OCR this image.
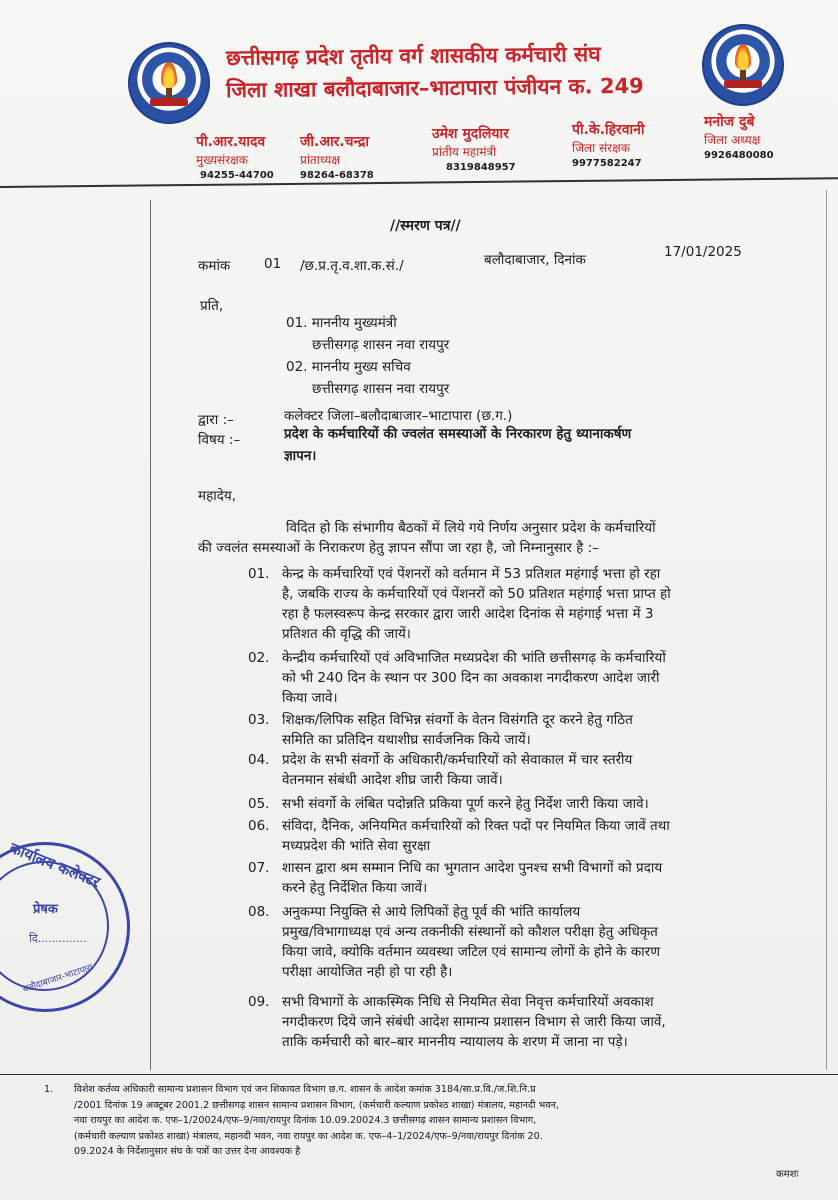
छत्तीसगढ़ प्रदेश तृतीय वर्ग शासकीय कर्मचारी संघ
जिला शाखा बलौदाबाजार–भाटापारा पंजीयन क. 249
पी.आर.यादव
मुख्यसंरक्षक
94255-44700
जी.आर.चन्द्रा
प्रांताध्यक्ष
98264-68378
उमेश मुदलियार
प्रांतीय महामंत्री
8319848957
पी.के.हिरवानी
जिला संरक्षक
9977582247
मनोज दुबे
जिला अध्यक्ष
9926480080
//स्मरण पत्र//
कमांक 01 /छ.प्र.तृ.व.शा.क.सं./	बलौदाबाजार, दिनांक	17/01/2025
प्रति,
01. माननीय मुख्यमंत्री
छत्तीसगढ़ शासन नवा रायपुर
02. माननीय मुख्य सचिव
छत्तीसगढ़ शासन नवा रायपुर
द्वारा :–	कलेक्टर जिला–बलौदाबाजार–भाटापारा (छ.ग.)
विषय :–	प्रदेश के कर्मचारियों की ज्वलंत समस्याओं के निरकारण हेतु ध्यानाकर्षण
ज्ञापन।
महादेय,
विदित हो कि संभागीय बैठकों में लिये गये निर्णय अनुसार प्रदेश के कर्मचारियों
की ज्वलंत समस्याओं के निराकरण हेतु ज्ञापन सौंपा जा रहा है, जो निम्नानुसार है :–
01. केन्द्र के कर्मचारियों एवं पेंशनरों को वर्तमान में 53 प्रतिशत महंगाई भत्ता हो रहा
है, जबकि राज्य के कर्मचारियों एवं पेंशनरों को 50 प्रतिशत महंगाई भत्ता प्राप्त हो
रहा है फलस्वरूप केन्द्र सरकार द्वारा जारी आदेश दिनांक से महंगाई भत्ता में 3
प्रतिशत की वृद्धि की जायें।
02. केन्द्रीय कर्मचारियों एवं अविभाजित मध्यप्रदेश की भांति छत्तीसगढ़ के कर्मचारियों
को भी 240 दिन के स्थान पर 300 दिन का अवकाश नगदीकरण आदेश जारी
किया जावे।
03. शिक्षक/लिपिक सहित विभिन्न संवर्गो के वेतन विसंगति दूर करने हेतु गठित
समिति का प्रतिदिन यथाशीघ्र सार्वजनिक किये जायें।
04. प्रदेश के सभी संवर्गो के अधिकारी/कर्मचारियों को सेवाकाल में चार स्तरीय
वेतनमान संबंधी आदेश शीघ्र जारी किया जावें।
05. सभी संवर्गो के लंबित पदोन्नति प्रकिया पूर्ण करने हेतु निर्देश जारी किया जावे।
06. संविदा, दैनिक, अनियमित कर्मचारियों को रिक्त पदों पर नियमित किया जावें तथा
मध्यप्रदेश की भांति सेवा सुरक्षा
07. शासन द्वारा श्रम सम्मान निधि का भुगतान आदेश पुनश्च सभी विभागों को प्रदाय
करने हेतु निर्देशित किया जावें।
08. अनुकम्पा नियुक्ति से आये लिपिकों हेतु पूर्व की भांति कार्यालय
प्रमुख/विभागाध्यक्ष एवं अन्य तकनीकी संस्थानों को कौशल परीक्षा हेतु अधिकृत
किया जावे, क्योकि वर्तमान व्यवस्था जटिल एवं सामान्य लोगों के होने के कारण
परीक्षा आयोजित नही हो पा रही है।
09. सभी विभागों के आकस्मिक निधि से नियमित सेवा निवृत्त कर्मचारियों अवकाश
नगदीकरण दिये जाने संबंधी आदेश सामान्य प्रशासन विभाग से जारी किया जावें,
ताकि कर्मचारी को बार–बार माननीय न्यायालय के शरण में जाना ना पड़े।
कार्यालय कलेक्टर
प्रेषक
दि..............
बलौदाबाजार-भाटापारा
1. विशेश कर्तव्य अधिकारी सामान्य प्रशासन विभाग एवं जन शिकायत विभाग छ.ग. शासन के आदेश कमांक 3184/सा.प्र.वि./ज.शि.नि.प्र
/2001 दिनांक 19 अक्टूबर 2001.2 छत्तीसगढ़ शासन सामान्य प्रशासन विभाग, (कर्मचारी कल्याण प्रकोश्ठ शाखा) मंत्रालय, महानदी भवन,
नवा रायपुर का आदेश क. एफ–1/20024/एफ–9/नवा/रायपुर दिनांक 10.09.20024.3 छत्तीसगढ़ शासन सामान्य प्रशासन विभाग,
(कर्मचारी कल्याण प्रकोश्ठ शाखा) मंत्रालय, महानदी भवन, नवा रायपुर का आदेश क. एफ–4–1/2024/एफ–9/नवा/रायपुर दिनांक 20.
09.2024 के निर्देशानुसार संघ के पत्रों का उत्तर देना आवश्यक है
कमशः
